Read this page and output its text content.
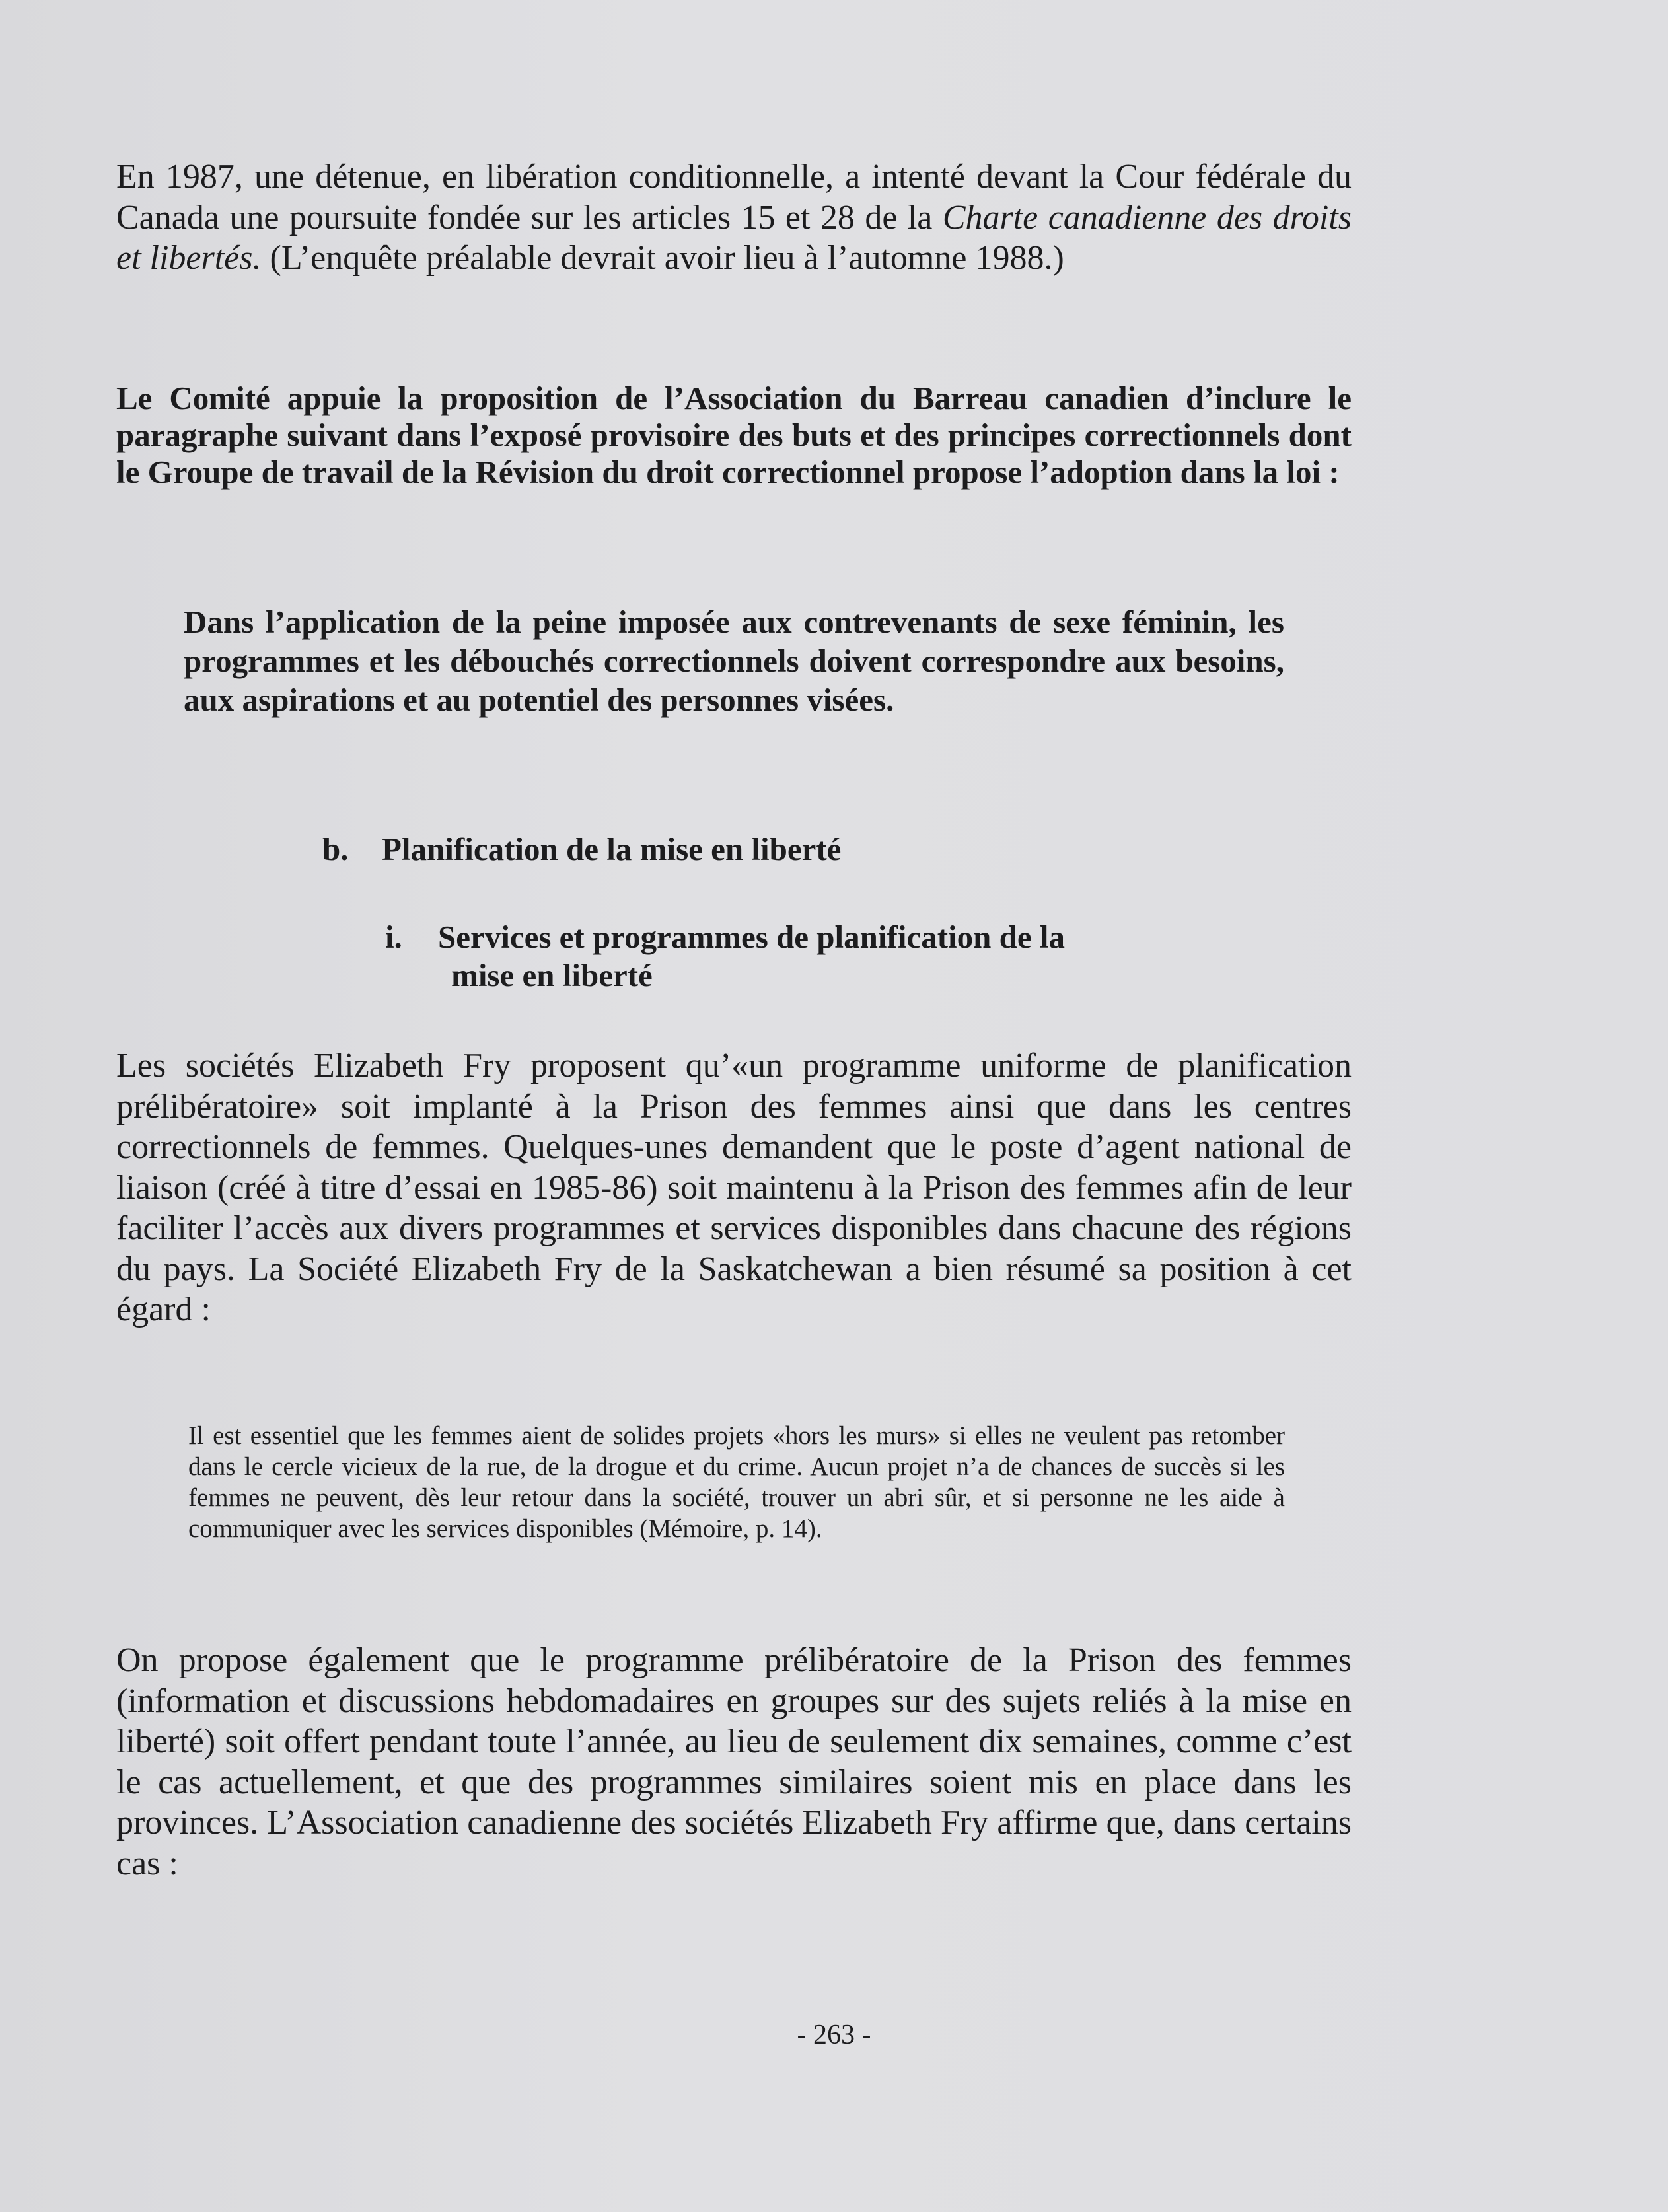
En 1987, une détenue, en libération conditionnelle, a intenté devant la Cour fédérale du Canada une poursuite fondée sur les articles 15 et 28 de la Charte canadienne des droits et libertés. (L’enquête préalable devrait avoir lieu à l’automne 1988.)

Le Comité appuie la proposition de l’Association du Barreau canadien d’inclure le paragraphe suivant dans l’exposé provisoire des buts et des principes correctionnels dont le Groupe de travail de la Révision du droit correctionnel propose l’adoption dans la loi :

Dans l’application de la peine imposée aux contrevenants de sexe féminin, les programmes et les débouchés correctionnels doivent correspondre aux besoins, aux aspirations et au potentiel des personnes visées.

b. Planification de la mise en liberté
i. Services et programmes de planification de la
mise en liberté

Les sociétés Elizabeth Fry proposent qu’«un programme uniforme de planification prélibératoire» soit implanté à la Prison des femmes ainsi que dans les centres correctionnels de femmes. Quelques-unes demandent que le poste d’agent national de liaison (créé à titre d’essai en 1985-86) soit maintenu à la Prison des femmes afin de leur faciliter l’accès aux divers programmes et services disponibles dans chacune des régions du pays. La Société Elizabeth Fry de la Saskatchewan a bien résumé sa position à cet égard :

Il est essentiel que les femmes aient de solides projets «hors les murs» si elles ne veulent pas retomber dans le cercle vicieux de la rue, de la drogue et du crime. Aucun projet n’a de chances de succès si les femmes ne peuvent, dès leur retour dans la société, trouver un abri sûr, et si personne ne les aide à communiquer avec les services disponibles (Mémoire, p. 14).

On propose également que le programme prélibératoire de la Prison des femmes (information et discussions hebdomadaires en groupes sur des sujets reliés à la mise en liberté) soit offert pendant toute l’année, au lieu de seulement dix semaines, comme c’est le cas actuellement, et que des programmes similaires soient mis en place dans les provinces. L’Association canadienne des sociétés Elizabeth Fry affirme que, dans certains cas :

- 263 -
